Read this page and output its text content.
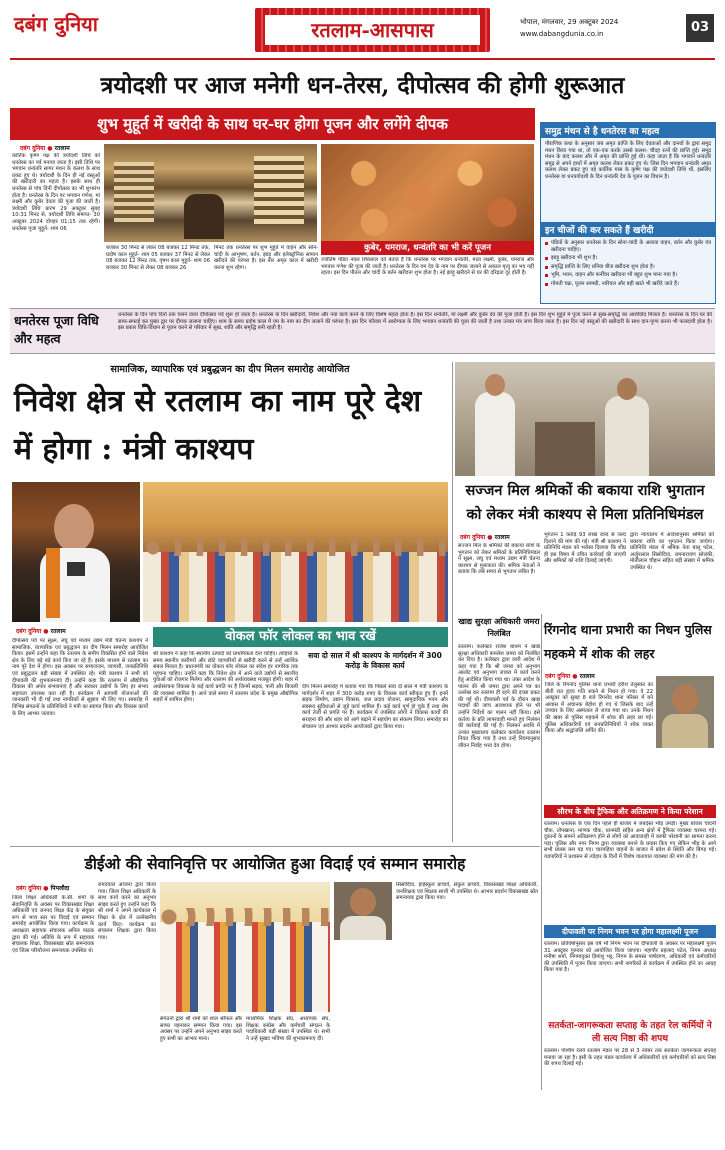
दबंग दुनिया	रतलाम-आसपास	भोपाल, मंगलवार, 29 अक्टूबर 2024
www.dabangdunia.co.in	03
त्रयोदशी पर आज मनेगी धन-तेरस, दीपोत्सव की होगी शुरूआत
शुभ मुहूर्त में खरीदी के साथ घर-घर होगा पूजन और लगेंगे दीपक
दबंग दुनिया ● रतलाम
कार्तिक कृष्ण पक्ष की त्रयोदशी तिथि को धनतेरस का पर्व मनाया जाता है। इसी तिथि पर भगवान धन्वंतरि सागर मंथन के कलश के साथ प्रकट हुए थे। त्रयोदशी के दिन ही नई वस्तुओं की खरीदारी का महत्व है। इसके साथ ही धनतेरस से पांच दिनी दीपोत्सव का भी शुभारंभ होता है। धनतेरस के दिन पर भगवान गणेश, मां लक्ष्मी और कुबेर देवता की पूजा की जाती है। त्रयोदशी तिथि प्रारंभ 29 अक्टूबर सुबह 10:31 मिनट से, त्रयोदशी तिथि समाप्त- 30 अक्टूबर 2024 दोपहर 01:15 तक रहेगी। धनतेरस पूजा मुहूर्त- शाम 06
बजकर 30 मिनट से लेकर 08 बजकर 12 मिनट तक, प्रदोष काल मुहूर्त- शाम 05 बजकर 37 मिनट से लेकर 08 बजकर 12 मिनट तक, वृषभ काल मुहूर्त- शाम 06 बजकर 30 मिनट से लेकर 08 बजकर 26
मिनट तक धनतेरस पर शुभ मुहूर्त में वाहन और सोने-चांदी के आभूषण, बर्तन, झाड़ू और इलेक्ट्रॉनिक सामान खरीदने की परंपरा है। इस बार अमृत काल में खरीदी करना शुभ रहेगा।
कुबेर, यमराज, धन्वंतरि का भी करें पूजन
ज्योतिष पंडित नवल शिवलाल दवे बताते हैं कि धनतेरस पर भगवान धन्वंतरि, माता लक्ष्मी, कुबेर, यमराज और भगवान गणेश की पूजा की जाती है। धनतेरस के दिन यम देव के नाम पर दीपक जलाने से अकाल मृत्यु का भय नहीं रहता। इस दिन पीतल और चांदी के बर्तन खरीदना शुभ होता है। नई झाड़ू खरीदने से घर की दरिद्रता दूर होती है।
समुद्र मंथन से है धनतेरस का महत्व
पौराणिक कथा के अनुसार जब अमृत प्राप्ति के लिए देवताओं और दानवों के द्वारा समुद्र मंथन किया गया था, तो एक-एक करके उससे कलश- चौदह रत्नों की प्राप्ति हुई। समुद्र मंथन के बाद कलश और में अमृत की प्राप्ति हुई थी। कहा जाता है कि भगवान धन्वंतरि समुद्र से अपने हाथों में अमृत कलश लेकर प्रकट हुए थे। जिस दिन भगवान धन्वंतरि अमृत कलश लेकर प्रकट हुए वह कार्तिक मास के कृष्ण पक्ष की त्रयोदशी तिथि थी, इसलिए धनतेरस या धनत्रयोदशी के दिन धन्वंतरि देव के पूजन का विधान है।
इन चीजों की कर सकते हैं खरीदी
पंडितों के अनुसार धनतेरस के दिन सोना-चांदी के अलावा वाहन, बर्तन और कुबेर यंत्र खरीदना चाहिए।
झाड़ू खरीदना भी शुभ है।
समृद्धि प्राप्ति के लिए धनिया बीज खरीदना शुभ होता है।
भूमि, भवन, वाहन और फर्नीचर खरीदना भी बहुत शुभ माना गया है।
गोमती चक्र, पूजन सामग्री, नारियल और बही खाते भी खरीदे जाते हैं।
धनतेरस पूजा विधि और महत्व
धनतेरस के दिन पांच दिनों तक चलने वाला दीपोत्सव पर्व शुरू हो जाता है। धनतेरस के दिन खरीदारी, निवेश और नया कार्य करने के लिए विशेष महत्व होता है। इस दिन धन्वंतरि, मां लक्ष्मी और कुबेर देव की पूजा होती है। इस दिन शुभ मुहूर्त में पूजा करने से सुख-समृद्धि का आशीर्वाद मिलता है। धनतेरस के दिन घर की साफ-सफाई कर मुख्य द्वार पर दीपक जलाना चाहिए। शाम के समय प्रदोष काल में यम के नाम का दीप जलाने की परंपरा है। इस दिन परिवार में आरोग्यता के लिए भगवान धन्वंतरि की पूजा की जाती है तथा उनका मंत्र जाप किया जाता है। इस दिन नई वस्तुओं की खरीदारी के साथ दान-पुण्य करना भी फलदायी होता है। इस प्रकार विधि-विधान से पूजन करने से परिवार में सुख, शांति और समृद्धि बनी रहती है।
सामाजिक, व्यापारिक एवं प्रबुद्धजन का दीप मिलन समारोह आयोजित
निवेश क्षेत्र से रतलाम का नाम पूरे देश में होगा : मंत्री काश्यप
दबंग दुनिया ● रतलाम
दीपोत्सव पर्व पर सूक्ष्म, लघु एवं मध्यम उद्यम मंत्री चेतन्य काश्यप ने सामाजिक, व्यापारिक एवं प्रबुद्धजन का दीप मिलन समारोह आयोजित किया। इसमें उन्होंने कहा कि रतलाम के समीप विकसित होने वाले निवेश क्षेत्र के लिए बड़े बड़े कार्य किए जा रहे हैं। इसके माध्यम से रतलाम का नाम पूरे देश में होगा। इस अवसर पर समाजजन, व्यापारी, जनप्रतिनिधि एवं प्रबुद्धजन बड़ी संख्या में उपस्थित रहे। मंत्री काश्यप ने सभी को दीपावली की शुभकामनाएं दीं। उन्होंने कहा कि रतलाम में औद्योगिक विकास की अपार संभावनाएं हैं और सरकार उद्योगों के लिए हर संभव सहायता उपलब्ध करा रही है। कार्यक्रम में आगामी योजनाओं की जानकारी भी दी गई तथा नागरिकों से सुझाव भी लिए गए। समारोह में विभिन्न संगठनों के प्रतिनिधियों ने मंत्री का स्वागत किया और विकास कार्यों के लिए आभार जताया।
वोकल फॉर लोकल का भाव रखें
श्री काश्यप ने कहा कि स्थानीय उत्पादों को प्राथमिकता देना चाहिए। त्योहारों के समय स्थानीय कारीगरों और छोटे व्यापारियों से खरीदी करने से उन्हें आर्थिक संबल मिलता है। प्रधानमंत्री का वोकल फॉर लोकल का संदेश हर नागरिक तक पहुंचना चाहिए। उन्होंने कहा कि निवेश क्षेत्र में आने वाले उद्योगों से स्थानीय युवाओं को रोजगार मिलेगा और रतलाम की अर्थव्यवस्था मजबूत होगी। शहर में अधोसंरचना विकास के कई कार्य प्रगति पर हैं जिनमें सड़क, पानी और बिजली की व्यवस्था शामिल है। आने वाले समय में रतलाम प्रदेश के प्रमुख औद्योगिक शहरों में शामिल होगा।
सवा दो साल में श्री काश्यप के मार्गदर्शन में 300 करोड़ के विकास कार्य
दीप मिलन समारोह में बताया गया कि पिछले सवा दो साल में मंत्री काश्यप के मार्गदर्शन में शहर में 300 करोड़ रुपए के विकास कार्य स्वीकृत हुए हैं। इनमें सड़क निर्माण, उद्यान विकास, जल प्रदाय योजना, सामुदायिक भवन और स्वास्थ्य सुविधाओं से जुड़े कार्य शामिल हैं। कई कार्य पूर्ण हो चुके हैं तथा शेष कार्य तेजी से प्रगति पर हैं। कार्यक्रम में उपस्थित लोगों ने विकास कार्यों की सराहना की और शहर को आगे बढ़ाने में सहयोग का संकल्प लिया। समारोह का संचालन एवं आभार प्रदर्शन आयोजकों द्वारा किया गया।
सज्जन मिल श्रमिकों की बकाया राशि भुगतान को लेकर मंत्री काश्यप से मिला प्रतिनिधिमंडल
दबंग दुनिया ● रतलाम
सज्जन मिल के श्रमिकों की बकाया राशि के भुगतान को लेकर श्रमिकों के प्रतिनिधिमंडल ने सूक्ष्म, लघु एवं मध्यम उद्यम मंत्री चेतन्य काश्यप से मुलाकात की। श्रमिक नेताओं ने बताया कि लंबे समय से भुगतान लंबित है।
भुगतान 1 करोड़ 93 लाख जल्द से जल्द दिलाने की मांग की गई। मंत्री श्री काश्यप ने प्रतिनिधि मंडल को भरोसा दिलाया कि शीघ्र ही इस विषय में उचित कार्रवाई की जाएगी और श्रमिकों को राशि दिलाई जाएगी।
द्वारा न्यायालय में आदेशानुसार श्रमिकों को बकाया राशि का भुगतान किया जायेगा। प्रतिनिधि मंडल में श्रमिक नेता बालू पटेल, अर्जुनलाल सिसोदिया, रामनारायण सोलंकी, मोतीलाल चौहान सहित बड़ी संख्या में श्रमिक उपस्थित थे।
खाद्य सुरक्षा अधिकारी जमरा निलंबित
रतलाम। कलेक्टर राजेश बाथम ने खाद्य सुरक्षा अधिकारी कमलेश जमरा को निलंबित कर दिया है। कलेक्टर द्वारा जारी आदेश में कहा गया है कि श्री जमरा को अनुभाग आलोट एवं अनुभाग जावरा में कार्य करने हेतु आदेशित किया गया था। उक्त आदेश के पालन की श्री जमरा द्वारा अपने पत्र का उल्लेख कर रतलाम ही रहने की इच्छा प्रकट की गई थी। दीपावली पर्व के दौरान खाद्य पदार्थों की जांच आवश्यक होने पर भी उन्होंने निर्देशों का पालन नहीं किया। इसे कर्तव्य के प्रति लापरवाही मानते हुए निलंबन की कार्रवाई की गई है। निलंबन अवधि में उनका मुख्यालय कलेक्टर कार्यालय रतलाम नियत किया गया है तथा उन्हें नियमानुसार जीवन निर्वाह भत्ता देय होगा।
रिंगनोद थाना प्रभारी का निधन पुलिस महकमे में शोक की लहर
दबंग दुनिया ● रतलाम
जिले के रिंगनोद पुलिस थाना प्रभारी हरीश तेलुस्कर का बीती रात हृदय गति रुकने से निधन हो गया। वे 22 अक्टूबर को सुबह 8 बजे रिंगनोद थाना परिसर में बने आवास में अचानक बेहोश हो गए थे जिसके बाद उन्हें उपचार के लिए अस्पताल ले जाया गया था। उनके निधन की खबर से पुलिस महकमे में शोक की लहर छा गई। पुलिस अधिकारियों एवं जनप्रतिनिधियों ने शोक व्यक्त किया और श्रद्धांजलि अर्पित की।
सौरभ के बीच ट्रैफिक और अतिक्रमण ने किया परेशान
रतलाम। धनतेरस के एक दिन पहले ही बाजार में जबर्दस्त भीड़ उमड़ी। मुख्य बाजार चांदनी चौक, तोपखाना, माणक चौक, धानमंडी सहित अन्य क्षेत्रों में ट्रैफिक व्यवस्था चरमरा गई। दुकानों के सामने अतिक्रमण होने से लोगों को आवाजाही में काफी परेशानी का सामना करना पड़ा। पुलिस और नगर निगम द्वारा व्यवस्था बनाने के प्रयास किए गए लेकिन भीड़ के आगे सभी प्रयास कम पड़ गए। चारपहिया वाहनों के बाजार में प्रवेश से स्थिति और बिगड़ गई। व्यापारियों ने प्रशासन से त्योहार के दिनों में विशेष यातायात व्यवस्था की मांग की है।
दीपावली पर निगम भवन पर होगा महालक्ष्मी पूजन
रतलाम। प्रतिवर्षानुसार इस वर्ष भी निगम भवन पर दीपावली के अवसर पर महालक्ष्मी पूजन 31 अक्टूबर गुरुवार को आयोजित किया जाएगा। महापौर प्रहलाद पटेल, निगम अध्यक्ष मनीषा शर्मा, निगमायुक्त हिमांशु भट्ट, निगम के समस्त पार्षदगण, अधिकारी एवं कर्मचारियों की उपस्थिति में पूजन किया जाएगा। सभी नागरिकों से कार्यक्रम में उपस्थित होने का आग्रह किया गया है।
सतर्कता-जागरूकता सप्ताह के तहत रेल कर्मियों ने ली सत्य निष्ठा की शपथ
रतलाम। पश्चिम रेलवे रतलाम मंडल पर 28 से 3 नवंबर तक सतर्कता जागरूकता सप्ताह मनाया जा रहा है। इसी के तहत मंडल कार्यालय में अधिकारियों एवं कर्मचारियों को सत्य निष्ठा की शपथ दिलाई गई।
डीईओ की सेवानिवृत्ति पर आयोजित हुआ विदाई एवं सम्मान समारोह
दबंग दुनिया ● पिपलौदा
जिला शिक्षा अधिकारी के.सी. शर्मा के सेवानिवृत्ति के अवसर पर विकासखंड शिक्षा अधिकारी एवं जनपद शिक्षा केंद्र के संयुक्त रूप से भव्य स्तर पर विदाई एवं सम्मान समारोह आयोजित किया गया। कार्यक्रम के अध्यक्षता सहायक संचालक अनिल पाठक द्वारा की गई। अतिथि के रूप में सहायक संचालक शिक्षा, विकासखंड स्रोत समन्वयक एवं जिला परियोजना समन्वयक उपस्थित थे।
रामदयाल आंजना द्वारा किया गया। जिला शिक्षा अधिकारी के साथ कार्य करने का अनुभव साझा करते हुए उन्होंने कहा कि श्री शर्मा ने अपने कार्यकाल में शिक्षा के क्षेत्र में उल्लेखनीय कार्य किए। कार्यक्रम का संचालन शिक्षक द्वारा किया गया।
संगठनों द्वारा श्री शर्मा को शाल श्रीफल और साफा पहनाकर सम्मान किया गया। इस अवसर पर उन्होंने अपने अनुभव साझा करते हुए सभी का आभार माना।
माध्यमिक शिक्षक संघ, अध्यापक संघ, शिक्षक कांग्रेस और कर्मचारी संगठन के पदाधिकारी बड़ी संख्या में उपस्थित थे। सभी ने उन्हें सुखद भविष्य की शुभकामनाएं दीं।
सिसोदिया, हाईस्कूल प्राचार्य, संकुल प्राचार्य, विकासखंड शिक्षा अधिकारी, जनशिक्षक एवं शिक्षक साथी भी उपस्थित थे। आभार प्रदर्शन विकासखंड स्रोत समन्वयक द्वारा किया गया।
